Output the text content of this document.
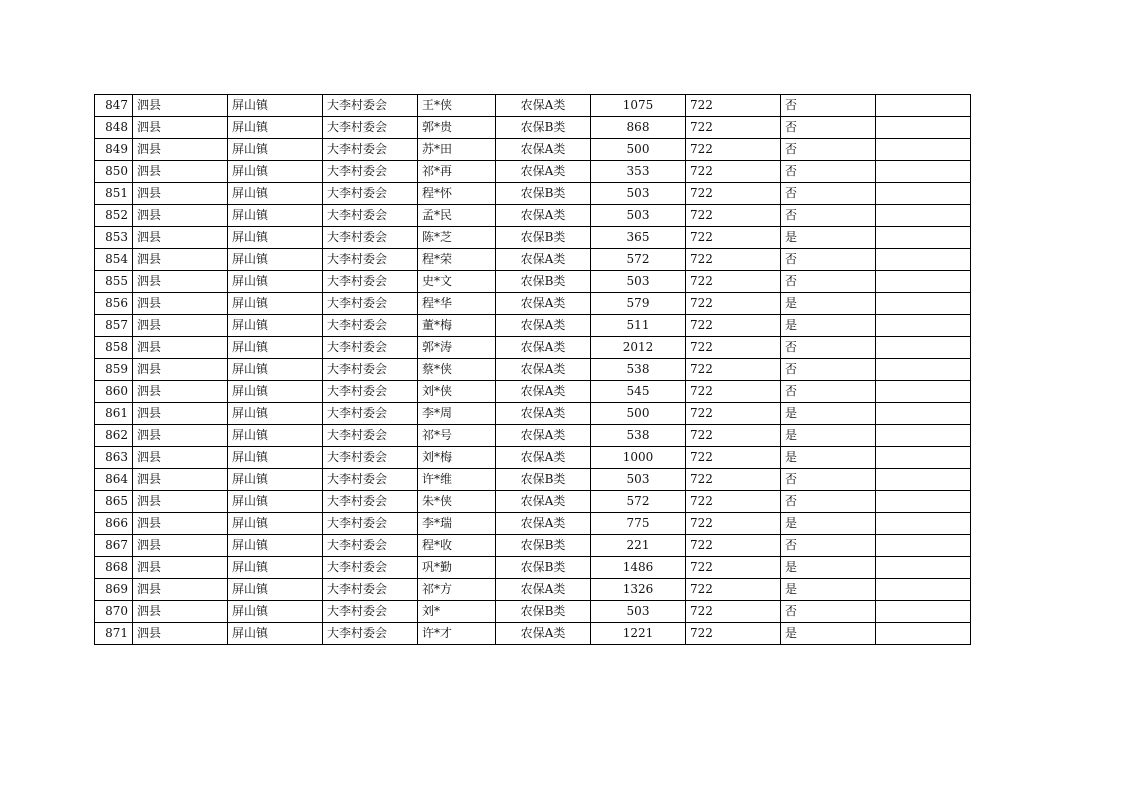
847	泗县	屏山镇	大李村委会	王*侠	农保A类	1075	722	否	
848	泗县	屏山镇	大李村委会	郭*贵	农保B类	868	722	否	
849	泗县	屏山镇	大李村委会	苏*田	农保A类	500	722	否	
850	泗县	屏山镇	大李村委会	祁*再	农保A类	353	722	否	
851	泗县	屏山镇	大李村委会	程*怀	农保B类	503	722	否	
852	泗县	屏山镇	大李村委会	孟*民	农保A类	503	722	否	
853	泗县	屏山镇	大李村委会	陈*芝	农保B类	365	722	是	
854	泗县	屏山镇	大李村委会	程*荣	农保A类	572	722	否	
855	泗县	屏山镇	大李村委会	史*文	农保B类	503	722	否	
856	泗县	屏山镇	大李村委会	程*华	农保A类	579	722	是	
857	泗县	屏山镇	大李村委会	董*梅	农保A类	511	722	是	
858	泗县	屏山镇	大李村委会	郭*涛	农保A类	2012	722	否	
859	泗县	屏山镇	大李村委会	蔡*侠	农保A类	538	722	否	
860	泗县	屏山镇	大李村委会	刘*侠	农保A类	545	722	否	
861	泗县	屏山镇	大李村委会	李*周	农保A类	500	722	是	
862	泗县	屏山镇	大李村委会	祁*号	农保A类	538	722	是	
863	泗县	屏山镇	大李村委会	刘*梅	农保A类	1000	722	是	
864	泗县	屏山镇	大李村委会	许*维	农保B类	503	722	否	
865	泗县	屏山镇	大李村委会	朱*侠	农保A类	572	722	否	
866	泗县	屏山镇	大李村委会	李*瑞	农保A类	775	722	是	
867	泗县	屏山镇	大李村委会	程*收	农保B类	221	722	否	
868	泗县	屏山镇	大李村委会	巩*勤	农保B类	1486	722	是	
869	泗县	屏山镇	大李村委会	祁*方	农保A类	1326	722	是	
870	泗县	屏山镇	大李村委会	刘*	农保B类	503	722	否	
871	泗县	屏山镇	大李村委会	许*才	农保A类	1221	722	是	
